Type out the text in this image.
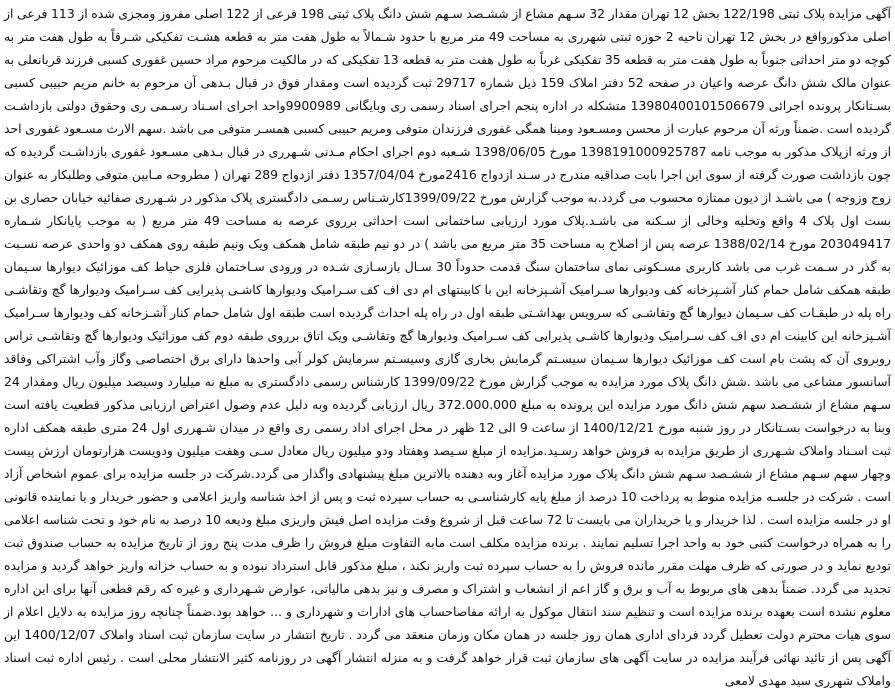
آگهی مزایده پلاک ثبتی 122/198 بخش 12 تهران مقدار 32 سـهم مشاع از ششـصد سـهم شش دانگ پلاک ثبتی 198 فرعی از 122 اصلی مفروز ومجزی شده از 113 فرعی از اصلی مذکوروافع در بخش 12 تهران ناحیه 2 حوزه ثبتی شهرری به مساحت 49 متر مربع با حدود شـمالاً به طول هفت متر به قطعه هشـت تفکیکی شـرقاً به طول هفت متر به کوچه دو متر احداثی جنوباً به طول هفت متر به قطعه 35 تفکیکی غرباً به طول هفت متر به قطعه 13 تفکیکی که در مالکیت مرحوم مراد حسین غفوری کسبی فرزند قربانعلی به عنوان مالک شش دانگ عرصه واعیان در صفحه 52 دفتر املاک 159 ذیل شماره 29717 ثبت گردیده است ومقدار فوق در قبال بـدهی آن مرحوم به خانم مریم حبیبی کسبی بسـتانکار پرونده اجرائی 13980400101506679 متشکله در اداره پنجم اجرای اسناد رسمی ری وبایگانی 9900989واحد اجرای اسـناد رسـمی ری وحقوق دولتی بازداشـت گردیده است .ضمناً ورثه آن مرحوم عبارت از محسن ومسـعود ومینا همگی غفوری فرزندان متوفی ومریم حبیبی کسبی همسـر متوفی می باشد .سهم الارث مسـعود غفوری احد از ورثه ازپلاک مذکور به موجب نامه 139819100092578​7 مورخ 1398/06/05 شـعبه دوم اجرای احکام مـدنی شـهرری در قبال بـدهی مسـعود غفوری بازداشـت گردیده که چون بازداشت صورت گرفته از سوی این اجرا بابت صداقیه مندرج در سـند ازدواج 2416مورخ 1357/04/04 دفتر ازدواج 289 تهران ( مطروحه مـابین متوفی وطلبکار به عنوان زوج وزوجه ) می باشـد از دیون ممتازه محسوب می گردد.به موجب گزارش مورخ 1399/09/22کارشـناس رسـمی دادگستری پلاک مذکور در شـهرری صفائیه خیابان حصاری بن بست اول پلاک 4 واقع وتخلیه وخالی از سـکنه می باشـد.پلاک مورد ارزیابی ساختمانی است احداثی برروی عرصه به مساحت 49 متر مربع ( به موجب پایانکار شـماره 203049417 مورخ 1388/02/14 عرصه پس از اصلاح به مساحت 35 متر مربع می باشد ) در دو نیم طبقه شامل همکف ویک ونیم طبقه روی همکف دو واحدی عرصه نسـبت به گذر در سـمت غرب می باشد کاربری مسـکونی نمای ساختمان سنگ قدمت حدوداً 30 سـال بازسـازی شـده در ورودی سـاختمان فلزی حیاط کف موزائیک دیوارها سـیمان طبقه همکف شامل حمام کنار آشـپزخانه کف ودیوارها سـرامیک آشـپزخانه این با کابینتهای ام دی اف کف سـرامیک ودیوارها کاشـی پذیرایی کف سـرامیک ودیوارها گچ وتقاشـی راه پله در طبقـات کف سـیمان دیوارها گچ وتقاشـی که سرویس بهداشـتی طبقه اول در راه پله احداث گردیده است طبقه اول شامل حمام کنار آشـزخانه کف ودیوارها سـرامیک آشـپزخانه این کابینت ام دی اف کف سـرامیک ودیوارها کاشـی پذیرایی کف سـرامیک ودیوارها گچ وتقاشـی ویک اتاق برروی طبقه دوم کف موزائیک ودیوارها گچ وتقاشـی تراس روبروی آن که پشت بام است کف موزائیک دیوارها سـیمان سیسـتم گرمایش بخاری گازی وسیسـتم سرمایش کولر آبی واحدها دارای برق اختصاصی وگاز وآب اشتراکی وفاقد آسانسور مشاعی می باشد .شش دانگ پلاک مورد مزایده به موجب گزارش مورخ 1399/09/22 کارشناس رسمی دادگستری به مبلغ نه میلیارد وسیصد میلیون ریال ومقدار 24 سـهم مشاع از ششـصد سهم شش دانگ مورد مزایده این پرونده به مبلغ 372.000.000 ریال ارزیابی گردیده وبه دلیل عدم وصول اعتراض ارزیابی مذکور قطعیت یافته است وبنا به درخواست بسـتانکار در روز شنبه مورخ 1400/12/21 از ساعت 9 الی 12 ظهر در محل اجرای اداد رسمی ری واقع در میدان شـهرری اول 24 متری طبقه همکف اداره ثبت اسـناد واملاک شـهرری از طریق مزایده به فروش خواهد رسـید.مزایده از مبلغ سـیصد وهفتاد ودو میلیون ریال معادل سـی وهفت میلیون ودویست هزارتومان ارزش پیست وچهار سهم سـهم مشاع از ششـصد سـهم شش دانگ پلاک مورد مزایده آغاز وبه دهنده بالاترین مبلغ پیشنهادی واگذار می گردد.شرکت در جلسه مزایده برای عموم اشخاص آزاد است . شرکت در جلسـه مزایده منوط به پرداخت 10 درصد از مبلغ پایه کارشناسـی به حساب سپرده ثبت و پس از اخذ شناسه واریز اعلامی و حضور خریدار و یا نماینده قانونی او در جلسه مزایده است . لذا خریدار و یا خریداران می بایست تا 72 ساعت قبل از شروع وقت مزایده اصل فیش واریزی مبلغ ودیعه 10 درصد به نام خود و تحت شناسه اعلامی را به همراه درخواست کتبی خود به واحد اجرا تسلیم نمایند . برنده مزایده مکلف است مابه التفاوت مبلغ فروش را ظرف مدت پنج روز از تاریخ مزایده به حساب صندوق ثبت تودیع نماید و در صورتی که ظرف مهلت مقرر مانده فروش را به حساب سپرده ثبت واریز نکند ، مبلغ مذکور قابل استرداد نبوده و به حساب خزانه واریز خواهد گردید و مزایده تجدید می گردد. ضمناً بدهی های مربوط به آب و برق و گاز اعم از انشعاب و اشتراک و مصرف و نیز بدهی مالیاتی، عوارض شـهرداری و غیره که رقم قطعی آنها برای این اداره معلوم نشده است بعهده برنده مزایده است و تنظیم سند انتقال موکول به ارائه مفاصاحساب های ادارات و شهرداری و ... خواهد بود.ضمناً چنانچه روز مزایده به دلایل اعلام از سوی هیات محترم دولت تعطیل گردد فردای اداری همان روز جلسه در همان مکان وزمان منعقد می گردد . تاریخ انتشار در سایت سازمان ثبت اسناد واملاک 1400/12/07 این آگهی پس از تائید نهائی فرآیند مزایده در سایت آگهی های سازمان ثبت قرار خواهد گرفت و به منزله انتشار آگهی در روزنامه کثیر الانتشار محلی است . رئیس اداره ثبت اسناد واملاک شهرری سید مهدی لامعی
